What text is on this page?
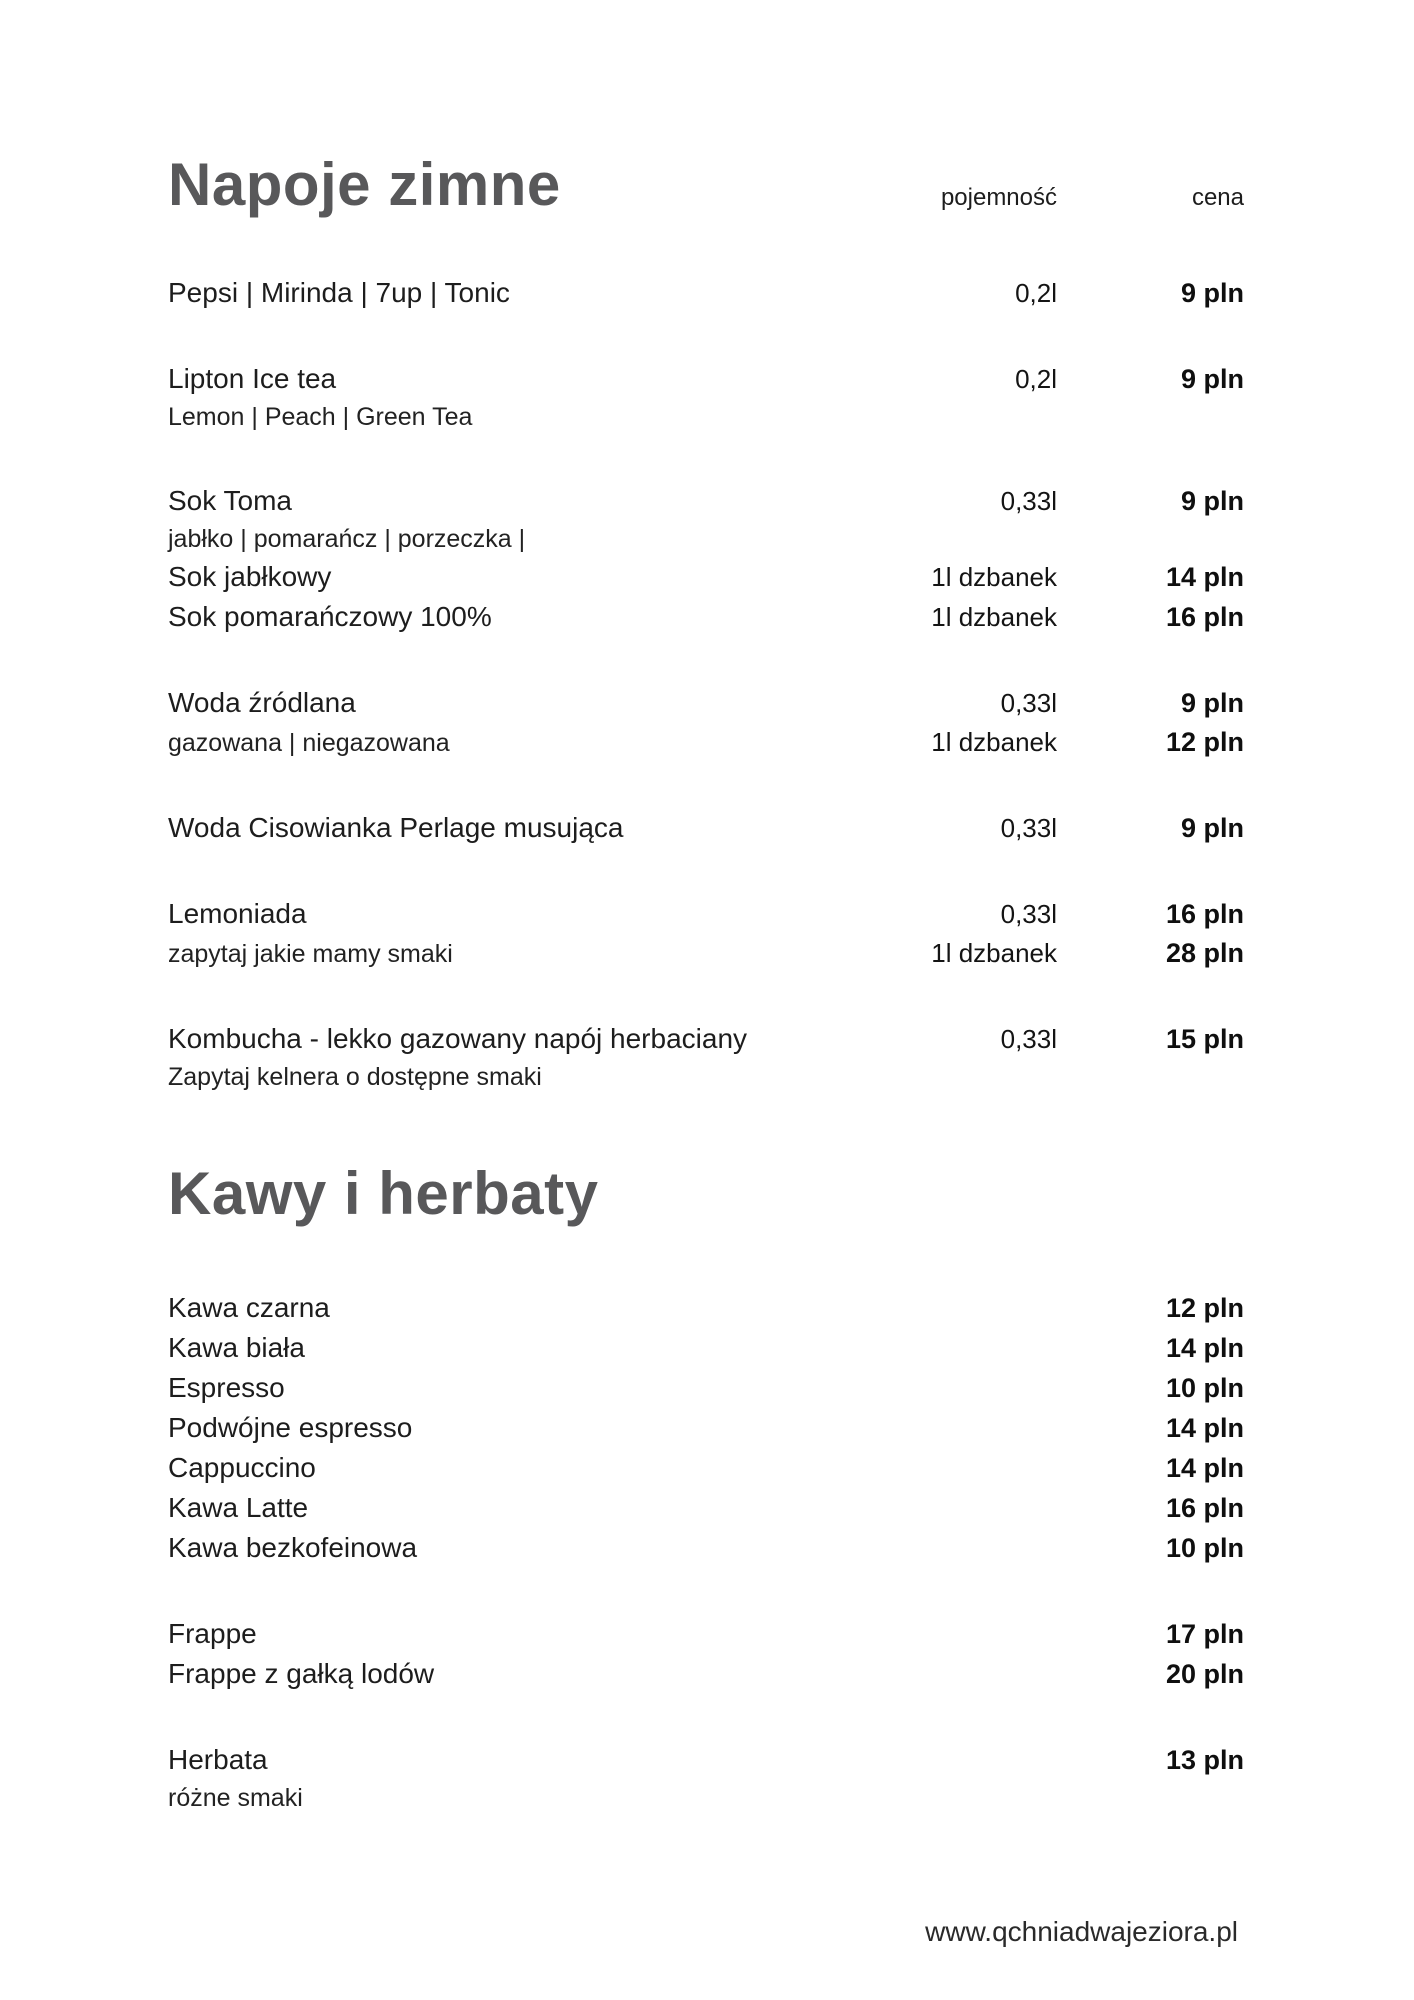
Napoje zimne	pojemność	cena
Pepsi | Mirinda | 7up | Tonic	0,2l	9 pln
Lipton Ice tea	0,2l	9 pln
Lemon | Peach | Green Tea
Sok Toma	0,33l	9 pln
jabłko | pomarańcz | porzeczka |
Sok jabłkowy	1l dzbanek	14 pln
Sok pomarańczowy 100%	1l dzbanek	16 pln
Woda źródlana	0,33l	9 pln
gazowana | niegazowana	1l dzbanek	12 pln
Woda Cisowianka Perlage musująca	0,33l	9 pln
Lemoniada	0,33l	16 pln
zapytaj jakie mamy smaki	1l dzbanek	28 pln
Kombucha - lekko gazowany napój herbaciany	0,33l	15 pln
Zapytaj kelnera o dostępne smaki
Kawy i herbaty
Kawa czarna	12 pln
Kawa biała	14 pln
Espresso	10 pln
Podwójne espresso	14 pln
Cappuccino	14 pln
Kawa Latte	16 pln
Kawa bezkofeinowa	10 pln
Frappe	17 pln
Frappe z gałką lodów	20 pln
Herbata	13 pln
różne smaki
www.qchniadwajeziora.pl
